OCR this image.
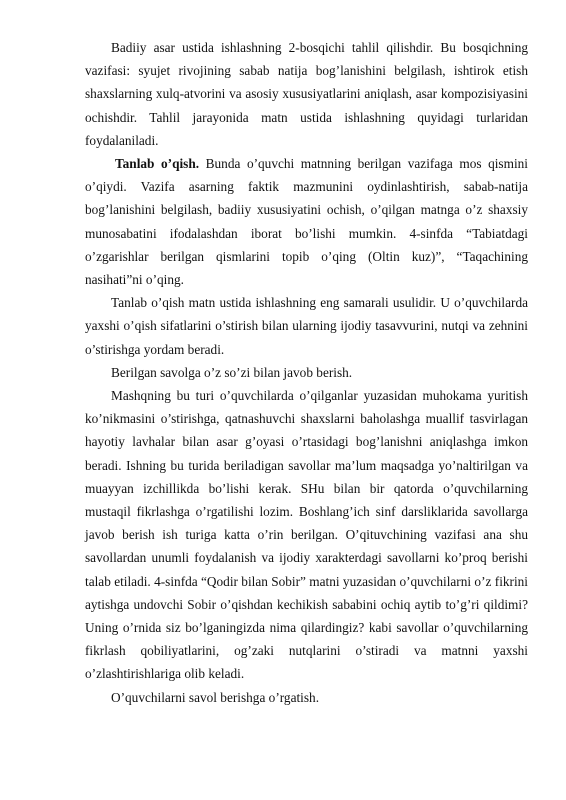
Badiiy asar ustida ishlashning 2-bosqichi tahlil qilishdir. Bu bosqichning vazifasi: syujet rivojining sabab natija bog’lanishini belgilash, ishtirok etish shaxslarning xulq-atvorini va asosiy xususiyatlarini aniqlash, asar kompozisiyasini ochishdir. Tahlil jarayonida matn ustida ishlashning quyidagi turlaridan foydalaniladi.

Tanlab o’qish. Bunda o’quvchi matnning berilgan vazifaga mos qismini o’qiydi. Vazifa asarning faktik mazmunini oydinlashtirish, sabab-natija bog’lanishini belgilash, badiiy xususiyatini ochish, o’qilgan matnga o’z shaxsiy munosabatini ifodalashdan iborat bo’lishi mumkin. 4-sinfda “Tabiatdagi o’zgarishlar berilgan qismlarini topib o’qing (Oltin kuz)”, “Taqachining nasihati”ni o’qing.

Tanlab o’qish matn ustida ishlashning eng samarali usulidir. U o’quvchilarda yaxshi o’qish sifatlarini o’stirish bilan ularning ijodiy tasavvurini, nutqi va zehnini o’stirishga yordam beradi.

Berilgan savolga o’z so’zi bilan javob berish.

Mashqning bu turi o’quvchilarda o’qilganlar yuzasidan muhokama yuritish ko’nikmasini o’stirishga, qatnashuvchi shaxslarni baholashga muallif tasvirlagan hayotiy lavhalar bilan asar g’oyasi o’rtasidagi bog’lanishni aniqlashga imkon beradi. Ishning bu turida beriladigan savollar ma’lum maqsadga yo’naltirilgan va muayyan izchillikda bo’lishi kerak. SHu bilan bir qatorda o’quvchilarning mustaqil fikrlashga o’rgatilishi lozim. Boshlang’ich sinf darsliklarida savollarga javob berish ish turiga katta o’rin berilgan. O’qituvchining vazifasi ana shu savollardan unumli foydalanish va ijodiy xarakterdagi savollarni ko’proq berishi talab etiladi. 4-sinfda “Qodir bilan Sobir” matni yuzasidan o’quvchilarni o’z fikrini aytishga undovchi Sobir o’qishdan kechikish sababini ochiq aytib to’g’ri qildimi? Uning o’rnida siz bo’lganingizda nima qilardingiz? kabi savollar o’quvchilarning fikrlash qobiliyatlarini, og’zaki nutqlarini o’stiradi va matnni yaxshi o’zlashtirishlariga olib keladi.

O’quvchilarni savol berishga o’rgatish.
